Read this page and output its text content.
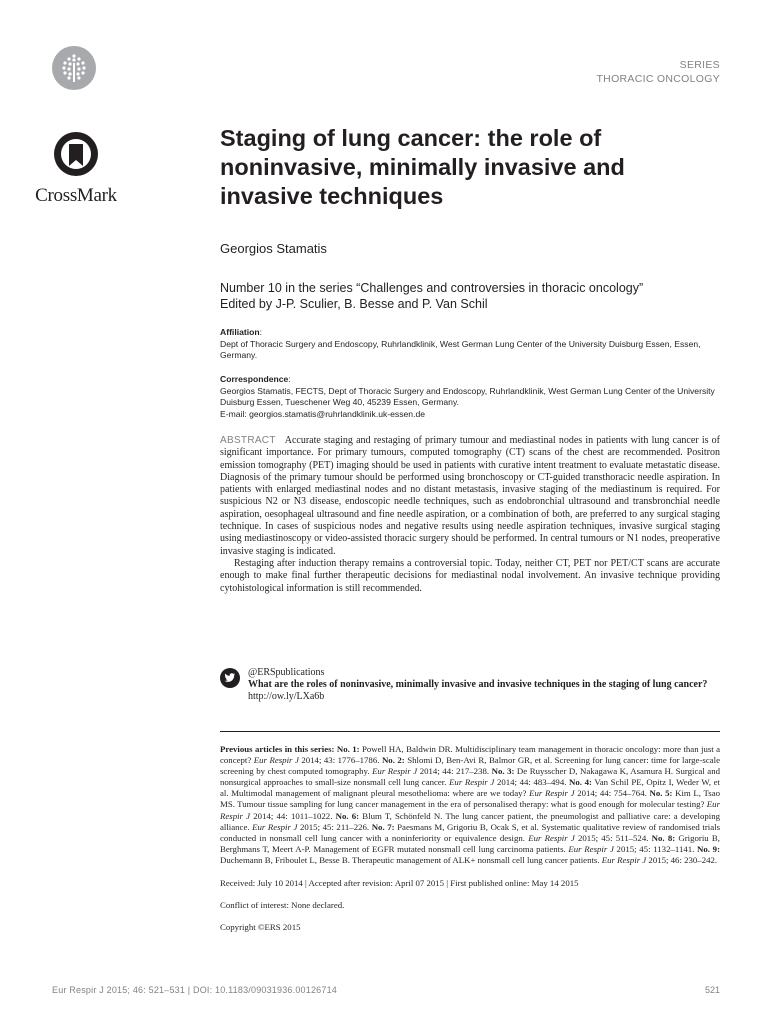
SERIES
THORACIC ONCOLOGY
CrossMark
Staging of lung cancer: the role of noninvasive, minimally invasive and invasive techniques
Georgios Stamatis
Number 10 in the series “Challenges and controversies in thoracic oncology”
Edited by J-P. Sculier, B. Besse and P. Van Schil
Affiliation:
Dept of Thoracic Surgery and Endoscopy, Ruhrlandklinik, West German Lung Center of the University Duisburg Essen, Essen, Germany.
Correspondence:
Georgios Stamatis, FECTS, Dept of Thoracic Surgery and Endoscopy, Ruhrlandklinik, West German Lung Center of the University Duisburg Essen, Tueschener Weg 40, 45239 Essen, Germany.
E-mail: georgios.stamatis@ruhrlandklinik.uk-essen.de

ABSTRACT Accurate staging and restaging of primary tumour and mediastinal nodes in patients with lung cancer is of significant importance. For primary tumours, computed tomography (CT) scans of the chest are recommended. Positron emission tomography (PET) imaging should be used in patients with curative intent treatment to evaluate metastatic disease. Diagnosis of the primary tumour should be performed using bronchoscopy or CT-guided transthoracic needle aspiration. In patients with enlarged mediastinal nodes and no distant metastasis, invasive staging of the mediastinum is required. For suspicious N2 or N3 disease, endoscopic needle techniques, such as endobronchial ultrasound and transbronchial needle aspiration, oesophageal ultrasound and fine needle aspiration, or a combination of both, are preferred to any surgical staging technique. In cases of suspicious nodes and negative results using needle aspiration techniques, invasive surgical staging using mediastinoscopy or video-assisted thoracic surgery should be performed. In central tumours or N1 nodes, preoperative invasive staging is indicated.

Restaging after induction therapy remains a controversial topic. Today, neither CT, PET nor PET/CT scans are accurate enough to make final further therapeutic decisions for mediastinal nodal involvement. An invasive technique providing cytohistological information is still recommended.

@ERSpublications
What are the roles of noninvasive, minimally invasive and invasive techniques in the staging of lung cancer? http://ow.ly/LXa6b

Previous articles in this series: No. 1: Powell HA, Baldwin DR. Multidisciplinary team management in thoracic oncology: more than just a concept? Eur Respir J 2014; 43: 1776–1786. No. 2: Shlomi D, Ben-Avi R, Balmor GR, et al. Screening for lung cancer: time for large-scale screening by chest computed tomography. Eur Respir J 2014; 44: 217–238. No. 3: De Ruysscher D, Nakagawa K, Asamura H. Surgical and nonsurgical approaches to small-size nonsmall cell lung cancer. Eur Respir J 2014; 44: 483–494. No. 4: Van Schil PE, Opitz I, Weder W, et al. Multimodal management of malignant pleural mesothelioma: where are we today? Eur Respir J 2014; 44: 754–764. No. 5: Kim L, Tsao MS. Tumour tissue sampling for lung cancer management in the era of personalised therapy: what is good enough for molecular testing? Eur Respir J 2014; 44: 1011–1022. No. 6: Blum T, Schönfeld N. The lung cancer patient, the pneumologist and palliative care: a developing alliance. Eur Respir J 2015; 45: 211–226. No. 7: Paesmans M, Grigoriu B, Ocak S, et al. Systematic qualitative review of randomised trials conducted in nonsmall cell lung cancer with a noninferiority or equivalence design. Eur Respir J 2015; 45: 511–524. No. 8: Grigoriu B, Berghmans T, Meert A-P. Management of EGFR mutated nonsmall cell lung carcinoma patients. Eur Respir J 2015; 45: 1132–1141. No. 9: Duchemann B, Friboulet L, Besse B. Therapeutic management of ALK+ nonsmall cell lung cancer patients. Eur Respir J 2015; 46: 230–242.

Received: July 10 2014 | Accepted after revision: April 07 2015 | First published online: May 14 2015
Conflict of interest: None declared.
Copyright ©ERS 2015
Eur Respir J 2015; 46: 521–531 | DOI: 10.1183/09031936.00126714	521
